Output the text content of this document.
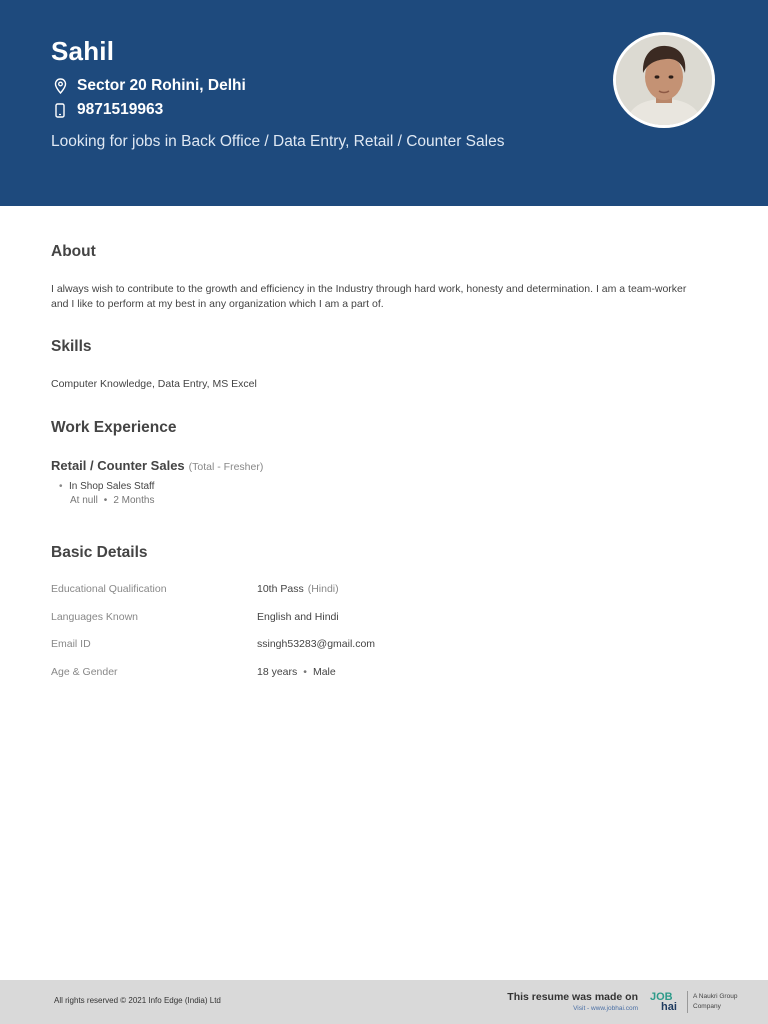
Sahil
Sector 20 Rohini, Delhi
9871519963
Looking for jobs in Back Office / Data Entry, Retail / Counter Sales
About
I always wish to contribute to the growth and efficiency in the Industry through hard work, honesty and determination. I am a team-worker and I like to perform at my best in any organization which I am a part of.
Skills
Computer Knowledge, Data Entry, MS Excel
Work Experience
Retail / Counter Sales (Total - Fresher)
• In Shop Sales Staff
At null • 2 Months
Basic Details
Educational Qualification	10th Pass (Hindi)
Languages Known	English and Hindi
Email ID	ssingh53283@gmail.com
Age & Gender	18 years • Male
All rights reserved © 2021 Info Edge (India) Ltd	This resume was made on
Visit - www.jobhai.com
JOB
hai
A Naukri Group Company
